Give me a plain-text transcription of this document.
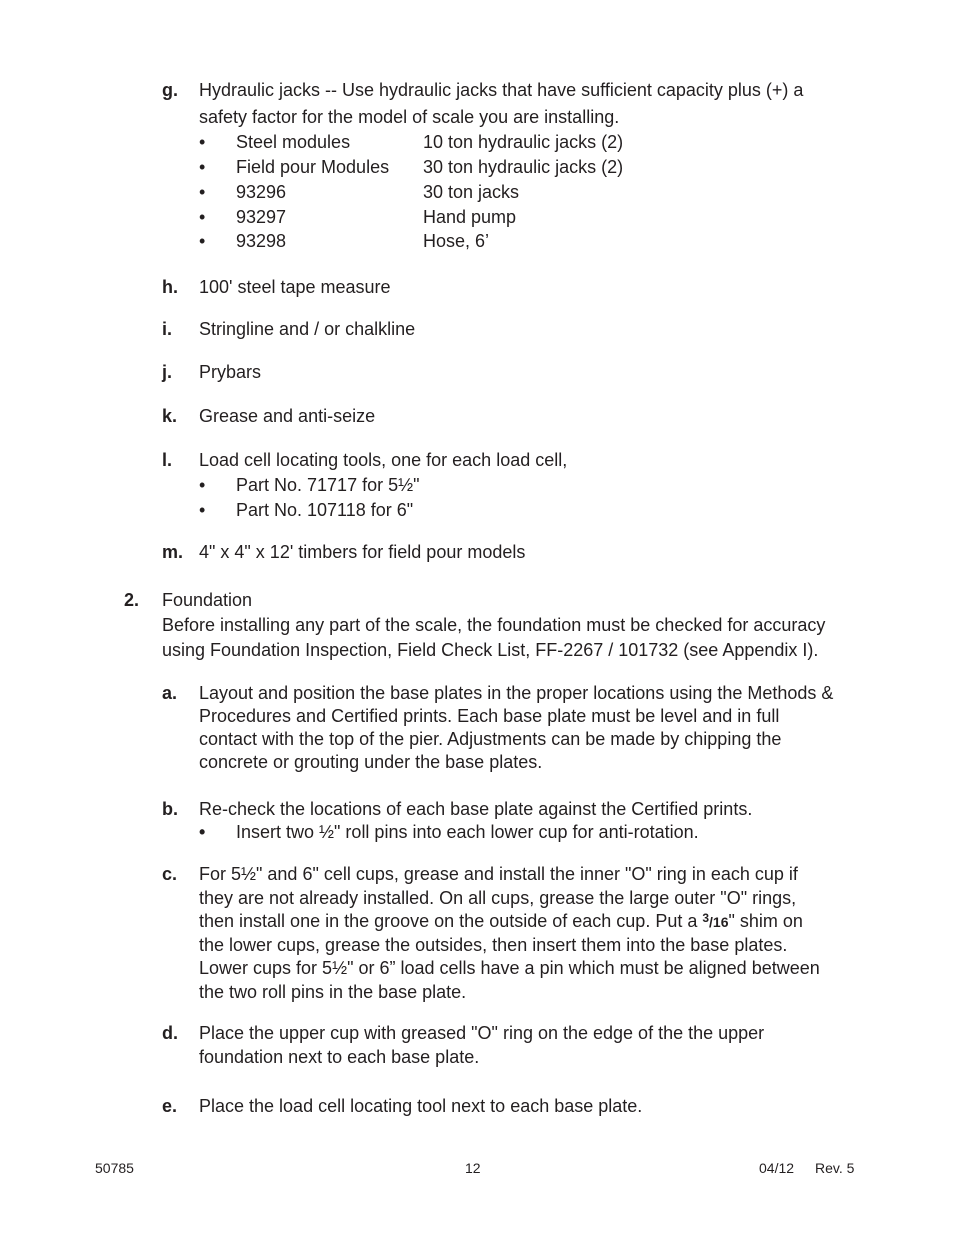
g. Hydraulic jacks -- Use hydraulic jacks that have sufficient capacity plus (+) a
safety factor for the model of scale you are installing.
• Steel modules	10 ton hydraulic jacks (2)
• Field pour Modules 30 ton hydraulic jacks (2)
• 93296	30 ton jacks
• 93297	Hand pump
• 93298	Hose, 6’
h. 100' steel tape measure
i. Stringline and / or chalkline
j. Prybars
k. Grease and anti-seize
l. Load cell locating tools, one for each load cell,
• Part No. 71717 for 5½"
• Part No. 107118 for 6"
m. 4" x 4" x 12' timbers for field pour models
2. Foundation
Before installing any part of the scale, the foundation must be checked for accuracy
using Foundation Inspection, Field Check List, FF-2267 / 101732 (see Appendix I).
a. Layout and position the base plates in the proper locations using the Methods &
Procedures and Certified prints. Each base plate must be level and in full
contact with the top of the pier. Adjustments can be made by chipping the
concrete or grouting under the base plates.
b. Re-check the locations of each base plate against the Certified prints.
• Insert two ½" roll pins into each lower cup for anti-rotation.
c. For 5½" and 6" cell cups, grease and install the inner "O" ring in each cup if
they are not already installed. On all cups, grease the large outer "O" rings,
then install one in the groove on the outside of each cup. Put a $^3$/16" shim on
the lower cups, grease the outsides, then insert them into the base plates.
Lower cups for 5½" or 6” load cells have a pin which must be aligned between
the two roll pins in the base plate.
d. Place the upper cup with greased "O" ring on the edge of the the upper
foundation next to each base plate.
e. Place the load cell locating tool next to each base plate.
50785	12	04/12 Rev. 5
